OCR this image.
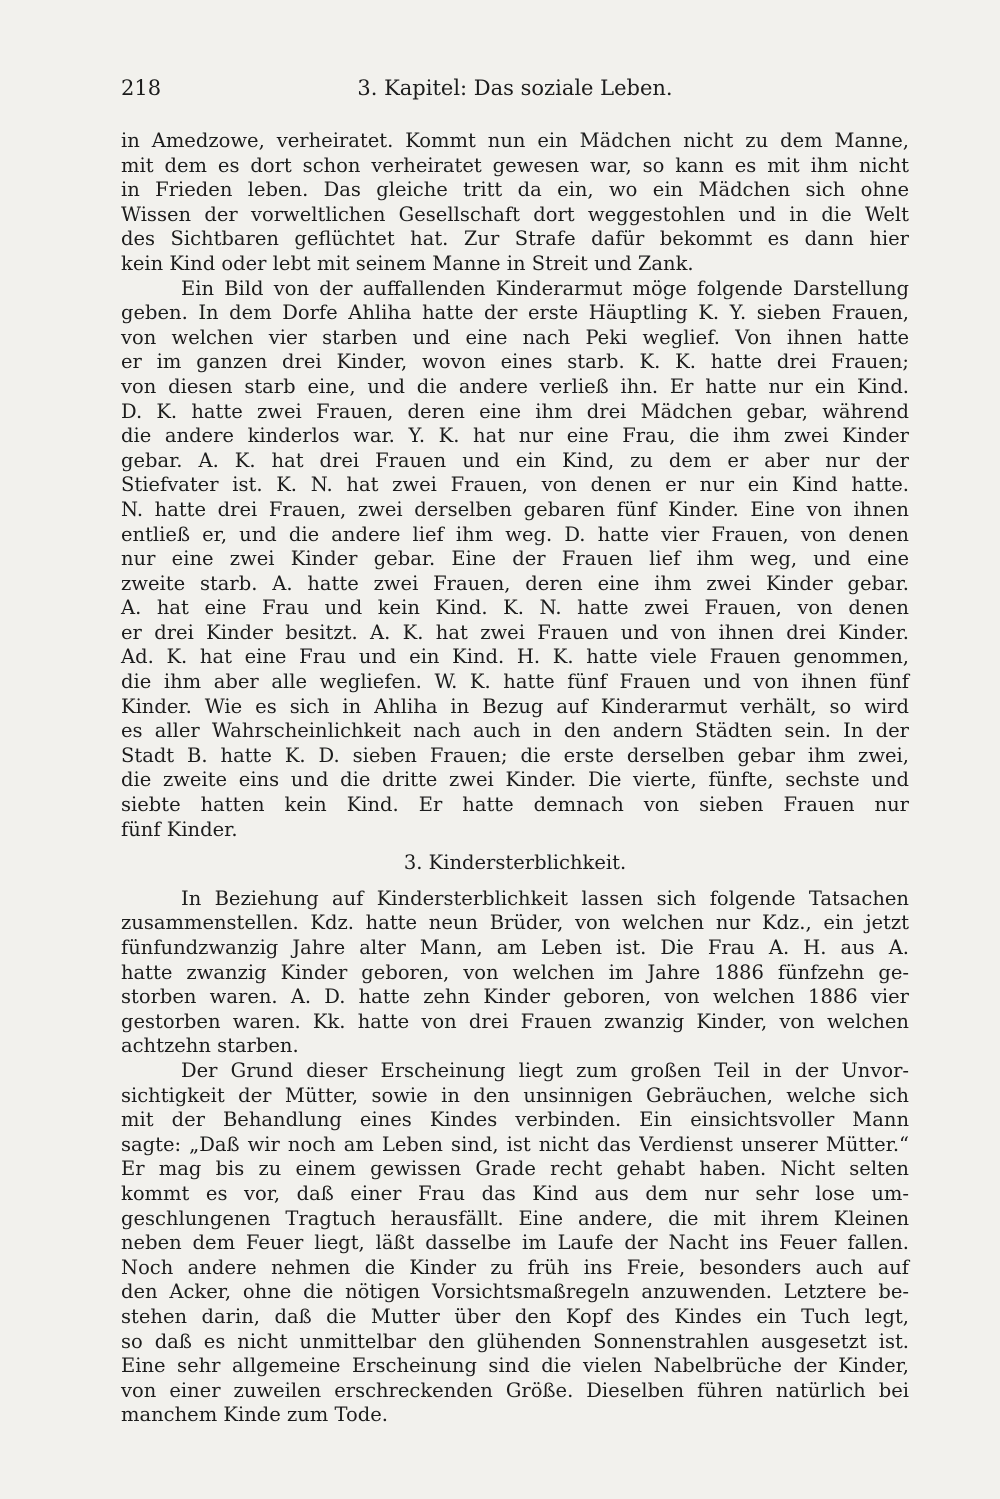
218	3. Kapitel: Das soziale Leben.
in Amedzowe, verheiratet. Kommt nun ein Mädchen nicht zu dem Manne,
mit dem es dort schon verheiratet gewesen war, so kann es mit ihm nicht
in Frieden leben. Das gleiche tritt da ein, wo ein Mädchen sich ohne
Wissen der vorweltlichen Gesellschaft dort weggestohlen und in die Welt
des Sichtbaren geflüchtet hat. Zur Strafe dafür bekommt es dann hier
kein Kind oder lebt mit seinem Manne in Streit und Zank.
Ein Bild von der auffallenden Kinderarmut möge folgende Darstellung
geben. In dem Dorfe Ahliha hatte der erste Häuptling K. Y. sieben Frauen,
von welchen vier starben und eine nach Peki weglief. Von ihnen hatte
er im ganzen drei Kinder, wovon eines starb. K. K. hatte drei Frauen;
von diesen starb eine, und die andere verließ ihn. Er hatte nur ein Kind.
D. K. hatte zwei Frauen, deren eine ihm drei Mädchen gebar, während
die andere kinderlos war. Y. K. hat nur eine Frau, die ihm zwei Kinder
gebar. A. K. hat drei Frauen und ein Kind, zu dem er aber nur der
Stiefvater ist. K. N. hat zwei Frauen, von denen er nur ein Kind hatte.
N. hatte drei Frauen, zwei derselben gebaren fünf Kinder. Eine von ihnen
entließ er, und die andere lief ihm weg. D. hatte vier Frauen, von denen
nur eine zwei Kinder gebar. Eine der Frauen lief ihm weg, und eine
zweite starb. A. hatte zwei Frauen, deren eine ihm zwei Kinder gebar.
A. hat eine Frau und kein Kind. K. N. hatte zwei Frauen, von denen
er drei Kinder besitzt. A. K. hat zwei Frauen und von ihnen drei Kinder.
Ad. K. hat eine Frau und ein Kind. H. K. hatte viele Frauen genommen,
die ihm aber alle wegliefen. W. K. hatte fünf Frauen und von ihnen fünf
Kinder. Wie es sich in Ahliha in Bezug auf Kinderarmut verhält, so wird
es aller Wahrscheinlichkeit nach auch in den andern Städten sein. In der
Stadt B. hatte K. D. sieben Frauen; die erste derselben gebar ihm zwei,
die zweite eins und die dritte zwei Kinder. Die vierte, fünfte, sechste und
siebte hatten kein Kind. Er hatte demnach von sieben Frauen nur
fünf Kinder.
3. Kindersterblichkeit.
In Beziehung auf Kindersterblichkeit lassen sich folgende Tatsachen
zusammenstellen. Kdz. hatte neun Brüder, von welchen nur Kdz., ein jetzt
fünfundzwanzig Jahre alter Mann, am Leben ist. Die Frau A. H. aus A.
hatte zwanzig Kinder geboren, von welchen im Jahre 1886 fünfzehn ge-
storben waren. A. D. hatte zehn Kinder geboren, von welchen 1886 vier
gestorben waren. Kk. hatte von drei Frauen zwanzig Kinder, von welchen
achtzehn starben.
Der Grund dieser Erscheinung liegt zum großen Teil in der Unvor-
sichtigkeit der Mütter, sowie in den unsinnigen Gebräuchen, welche sich
mit der Behandlung eines Kindes verbinden. Ein einsichtsvoller Mann
sagte: „Daß wir noch am Leben sind, ist nicht das Verdienst unserer Mütter.“
Er mag bis zu einem gewissen Grade recht gehabt haben. Nicht selten
kommt es vor, daß einer Frau das Kind aus dem nur sehr lose um-
geschlungenen Tragtuch herausfällt. Eine andere, die mit ihrem Kleinen
neben dem Feuer liegt, läßt dasselbe im Laufe der Nacht ins Feuer fallen.
Noch andere nehmen die Kinder zu früh ins Freie, besonders auch auf
den Acker, ohne die nötigen Vorsichtsmaßregeln anzuwenden. Letztere be-
stehen darin, daß die Mutter über den Kopf des Kindes ein Tuch legt,
so daß es nicht unmittelbar den glühenden Sonnenstrahlen ausgesetzt ist.
Eine sehr allgemeine Erscheinung sind die vielen Nabelbrüche der Kinder,
von einer zuweilen erschreckenden Größe. Dieselben führen natürlich bei
manchem Kinde zum Tode.
